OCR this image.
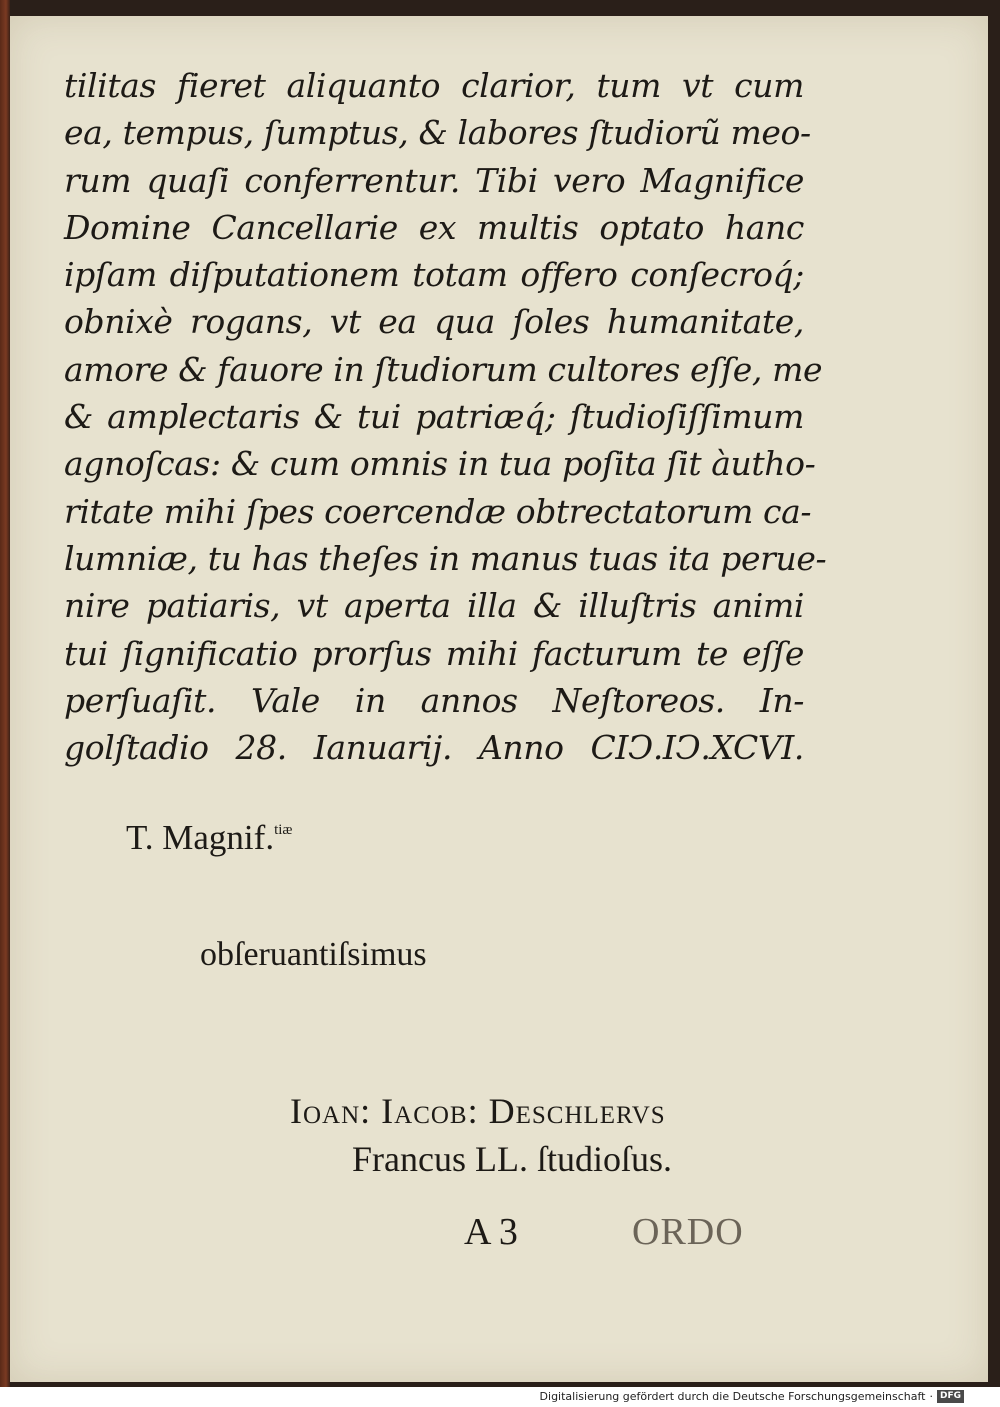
tilitas fieret aliquanto clarior, tum vt cum
ea, tempus, ſumptus, & labores ſtudiorũ meo-
rum quaſi conferrentur. Tibi vero Magnifice
Domine Cancellarie ex multis optato hanc
ipſam diſputationem totam offero conſecroq́;
obnixè rogans, vt ea qua ſoles humanitate,
amore & fauore in ſtudiorum cultores eſſe, me
& amplectaris & tui patriæq́; ſtudioſiſſimum
agnoſcas: & cum omnis in tua poſita ſit àutho-
ritate mihi ſpes coercendæ obtrectatorum ca-
lumniæ, tu has theſes in manus tuas ita perue-
nire patiaris, vt aperta illa & illuſtris animi
tui ſignificatio prorſus mihi facturum te eſſe
perſuaſit. Vale in annos Neſtoreos. In-
golſtadio 28. Ianuarij. Anno CIↃ.IↃ.XCVI.
T. Magnif.$^{tiæ}$
obſeruantiſsimus
Ioan: Iacob: Deschlervs
Francus LL. ſtudioſus.
A 3	ORDO
Digitalisierung gefördert durch die Deutsche Forschungsgemeinschaft · DFG
